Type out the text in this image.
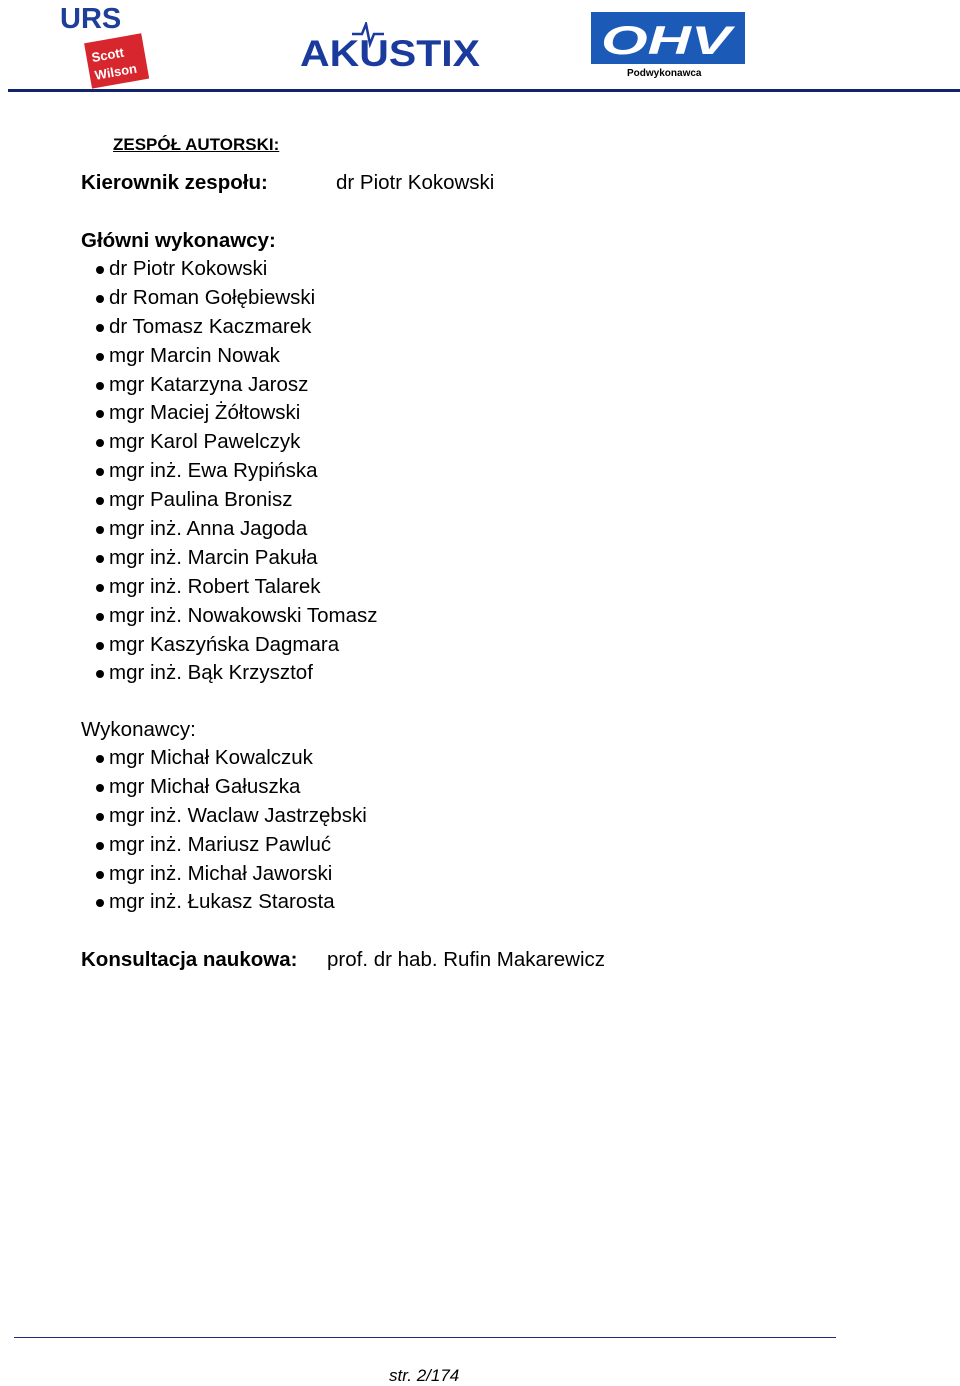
URS
Scott
Wilson	AKUSTIX	OHV
Podwykonawca
ZESPÓŁ AUTORSKI:
Kierownik zespołu:	dr Piotr Kokowski
Główni wykonawcy:
dr Piotr Kokowski
dr Roman Gołębiewski
dr Tomasz Kaczmarek
mgr Marcin Nowak
mgr Katarzyna Jarosz
mgr Maciej Żółtowski
mgr Karol Pawelczyk
mgr inż. Ewa Rypińska
mgr Paulina Bronisz
mgr inż. Anna Jagoda
mgr inż. Marcin Pakuła
mgr inż. Robert Talarek
mgr inż. Nowakowski Tomasz
mgr Kaszyńska Dagmara
mgr inż. Bąk Krzysztof
Wykonawcy:
mgr Michał Kowalczuk
mgr Michał Gałuszka
mgr inż. Waclaw Jastrzębski
mgr inż. Mariusz Pawluć
mgr inż. Michał Jaworski
mgr inż. Łukasz Starosta
Konsultacja naukowa: prof. dr hab. Rufin Makarewicz
str. 2/174
